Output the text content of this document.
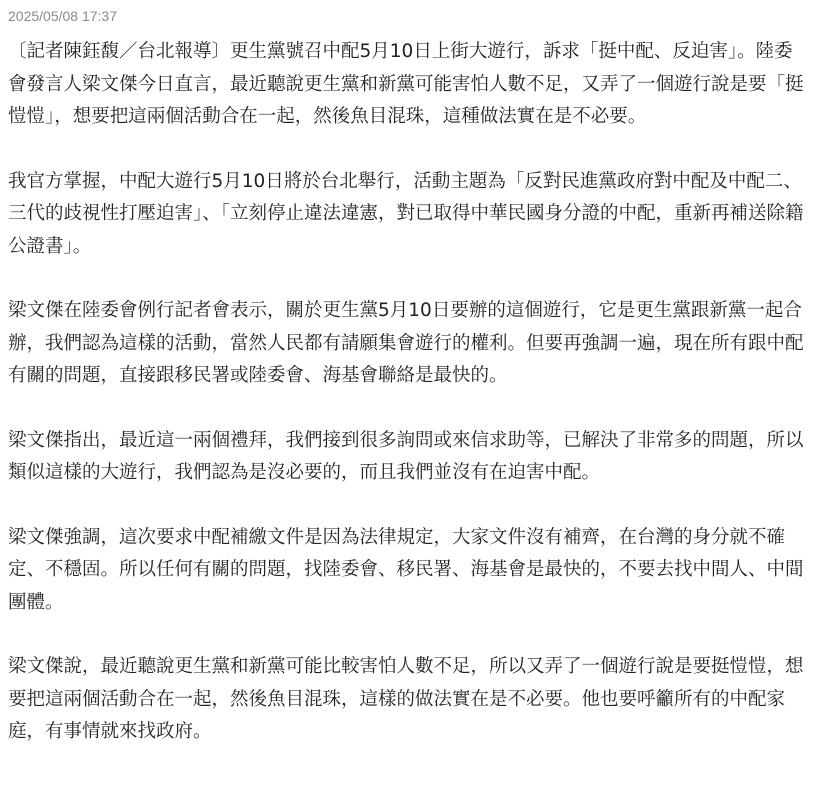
2025/05/08 17:37

〔記者陳鈺馥／台北報導〕更生黨號召中配5月10日上街大遊行，訴求「挺中配、反迫害」。陸委會發言人梁文傑今日直言，最近聽說更生黨和新黨可能害怕人數不足，又弄了一個遊行說是要「挺愷愷」，想要把這兩個活動合在一起，然後魚目混珠，這種做法實在是不必要。

我官方掌握，中配大遊行5月10日將於台北舉行，活動主題為「反對民進黨政府對中配及中配二、三代的歧視性打壓迫害」、「立刻停止違法違憲，對已取得中華民國身分證的中配，重新再補送除籍公證書」。

梁文傑在陸委會例行記者會表示，關於更生黨5月10日要辦的這個遊行，它是更生黨跟新黨一起合辦，我們認為這樣的活動，當然人民都有請願集會遊行的權利。但要再強調一遍，現在所有跟中配有關的問題，直接跟移民署或陸委會、海基會聯絡是最快的。

梁文傑指出，最近這一兩個禮拜，我們接到很多詢問或來信求助等，已解決了非常多的問題，所以類似這樣的大遊行，我們認為是沒必要的，而且我們並沒有在迫害中配。

梁文傑強調，這次要求中配補繳文件是因為法律規定，大家文件沒有補齊，在台灣的身分就不確定、不穩固。所以任何有關的問題，找陸委會、移民署、海基會是最快的，不要去找中間人、中間團體。

梁文傑說，最近聽說更生黨和新黨可能比較害怕人數不足，所以又弄了一個遊行說是要挺愷愷，想要把這兩個活動合在一起，然後魚目混珠，這樣的做法實在是不必要。他也要呼籲所有的中配家庭，有事情就來找政府。
